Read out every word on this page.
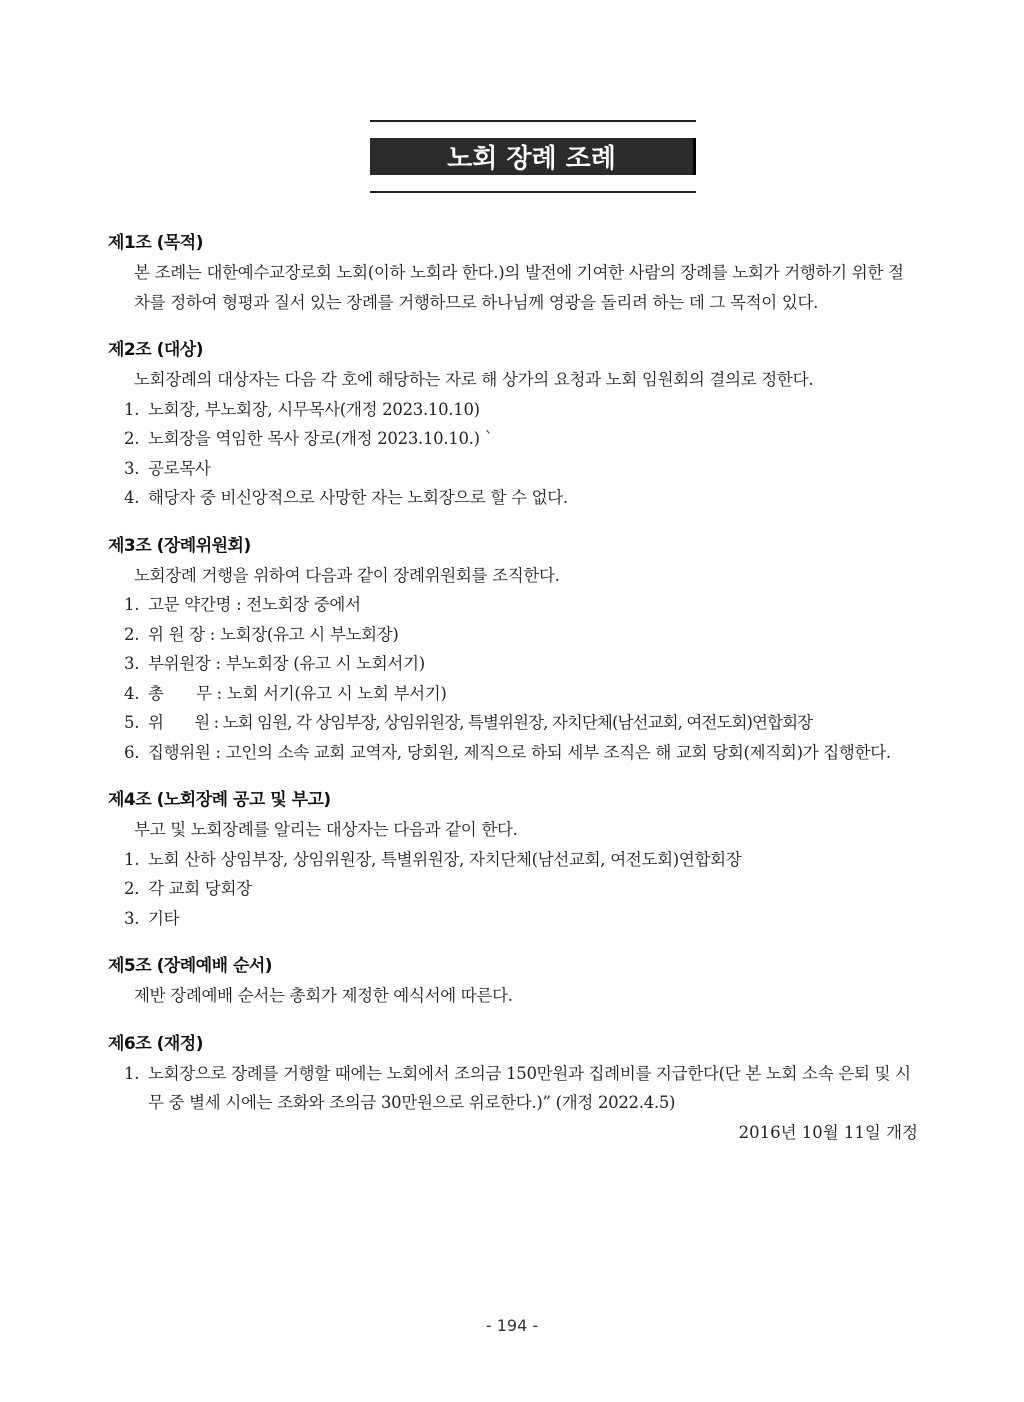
노회 장례 조례
제1조 (목적)
본 조례는 대한예수교장로회 노회(이하 노회라 한다.)의 발전에 기여한 사람의 장례를 노회가 거행하기 위한 절차를 정하여 형평과 질서 있는 장례를 거행하므로 하나님께 영광을 돌리려 하는 데 그 목적이 있다.
제2조 (대상)
노회장례의 대상자는 다음 각 호에 해당하는 자로 해 상가의 요청과 노회 임원회의 결의로 정한다.
1. 노회장, 부노회장, 시무목사(개정 2023.10.10)
2. 노회장을 역임한 목사 장로(개정 2023.10.10.) `
3. 공로목사
4. 해당자 중 비신앙적으로 사망한 자는 노회장으로 할 수 없다.
제3조 (장례위원회)
노회장례 거행을 위하여 다음과 같이 장례위원회를 조직한다.
1. 고문 약간명 : 전노회장 중에서
2. 위 원 장 : 노회장(유고 시 부노회장)
3. 부위원장 : 부노회장 (유고 시 노회서기)
4. 총　　무 : 노회 서기(유고 시 노회 부서기)
5. 위　　원 : 노회 임원, 각 상임부장, 상임위원장, 특별위원장, 자치단체(남선교회, 여전도회)연합회장
6. 집행위원 : 고인의 소속 교회 교역자, 당회원, 제직으로 하되 세부 조직은 해 교회 당회(제직회)가 집행한다.
제4조 (노회장례 공고 및 부고)
부고 및 노회장례를 알리는 대상자는 다음과 같이 한다.
1. 노회 산하 상임부장, 상임위원장, 특별위원장, 자치단체(남선교회, 여전도회)연합회장
2. 각 교회 당회장
3. 기타
제5조 (장례예배 순서)
제반 장례예배 순서는 총회가 제정한 예식서에 따른다.
제6조 (재정)
1. 노회장으로 장례를 거행할 때에는 노회에서 조의금 150만원과 집례비를 지급한다(단 본 노회 소속 은퇴 및 시무 중 별세 시에는 조화와 조의금 30만원으로 위로한다.)” (개정 2022.4.5)
2016년 10월 11일 개정
- 194 -
